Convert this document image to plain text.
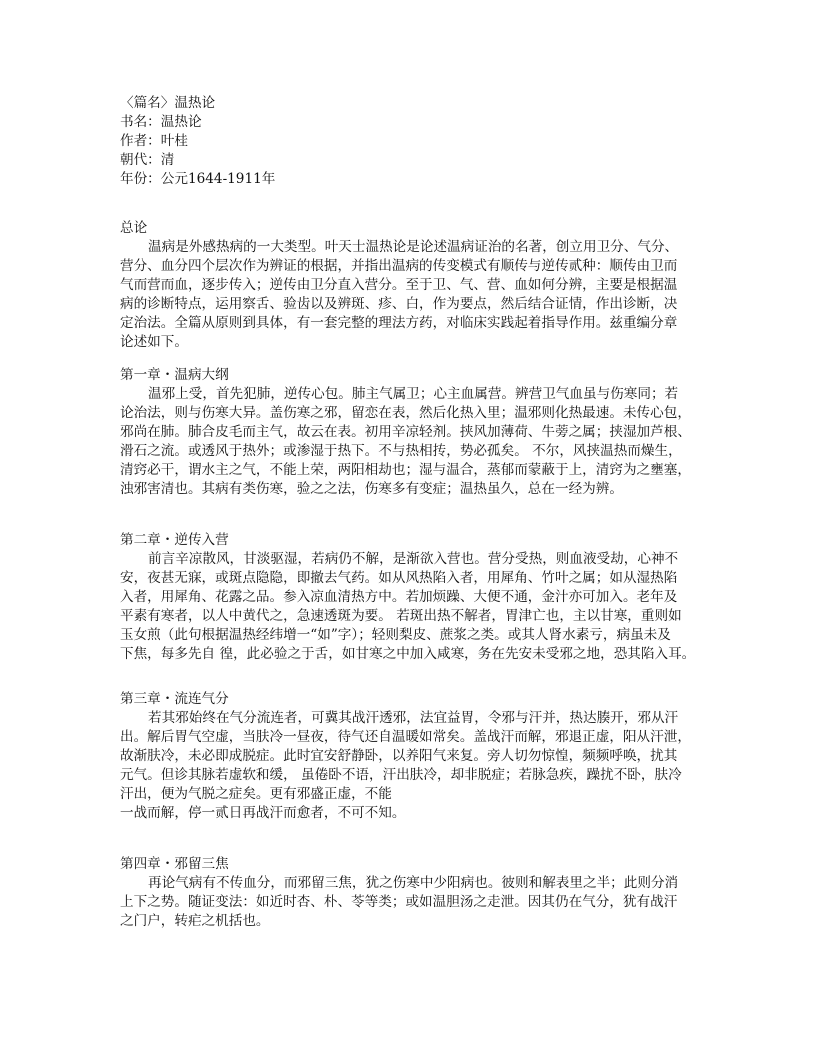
〈篇名〉温热论
书名：温热论
作者：叶桂
朝代：清
年份：公元1644-1911年
总论
温病是外感热病的一大类型。叶天士温热论是论述温病证治的名著，创立用卫分、气分、
营分、血分四个层次作为辨证的根据，并指出温病的传变模式有顺传与逆传贰种：顺传由卫而
气而营而血，逐步传入；逆传由卫分直入营分。至于卫、气、营、血如何分辨，主要是根据温
病的诊断特点，运用察舌、验齿以及辨斑、疹、白，作为要点，然后结合证情，作出诊断，决
定治法。全篇从原则到具体，有一套完整的理法方药，对临床实践起着指导作用。兹重编分章
论述如下。
第一章・温病大纲
温邪上受，首先犯肺，逆传心包。肺主气属卫；心主血属营。辨营卫气血虽与伤寒同；若
论治法，则与伤寒大异。盖伤寒之邪，留恋在表，然后化热入里；温邪则化热最速。未传心包，
邪尚在肺。肺合皮毛而主气，故云在表。初用辛凉轻剂。挟风加薄荷、牛蒡之属；挟湿加芦根、
滑石之流。或透风于热外；或渗湿于热下。不与热相抟，势必孤矣。 不尔，风挟温热而燥生，
清窍必干，谓水主之气，不能上荣，两阳相劫也；湿与温合，蒸郁而蒙蔽于上，清窍为之壅塞，
浊邪害清也。其病有类伤寒，验之之法，伤寒多有变症；温热虽久，总在一经为辨。
第二章・逆传入营
前言辛凉散风，甘淡驱湿，若病仍不解，是渐欲入营也。营分受热，则血液受劫，心神不
安，夜甚无寐，或斑点隐隐，即撤去气药。如从风热陷入者，用犀角、竹叶之属；如从湿热陷
入者，用犀角、花露之品。参入凉血清热方中。若加烦躁、大便不通，金汁亦可加入。老年及
平素有寒者，以人中黄代之，急速透斑为要。 若斑出热不解者，胃津亡也，主以甘寒，重则如
玉女煎（此句根据温热经纬增一“如”字）；轻则梨皮、蔗浆之类。或其人肾水素亏，病虽未及
下焦，每多先自 徨，此必验之于舌，如甘寒之中加入咸寒，务在先安未受邪之地，恐其陷入耳。
第三章・流连气分
若其邪始终在气分流连者，可冀其战汗透邪，法宜益胃，令邪与汗并，热达腠开，邪从汗
出。解后胃气空虚，当肤冷一昼夜，待气还自温暖如常矣。盖战汗而解，邪退正虚，阳从汗泄，
故渐肤冷，未必即成脱症。此时宜安舒静卧，以养阳气来复。旁人切勿惊惶，频频呼唤，扰其
元气。但诊其脉若虚软和缓， 虽倦卧不语，汗出肤冷，却非脱症；若脉急疾，躁扰不卧，肤冷
汗出，便为气脱之症矣。更有邪盛正虚，不能
一战而解，停一贰日再战汗而愈者，不可不知。
第四章・邪留三焦
再论气病有不传血分，而邪留三焦，犹之伤寒中少阳病也。彼则和解表里之半；此则分消
上下之势。随证变法：如近时杏、朴、苓等类；或如温胆汤之走泄。因其仍在气分，犹有战汗
之门户，转疟之机括也。
